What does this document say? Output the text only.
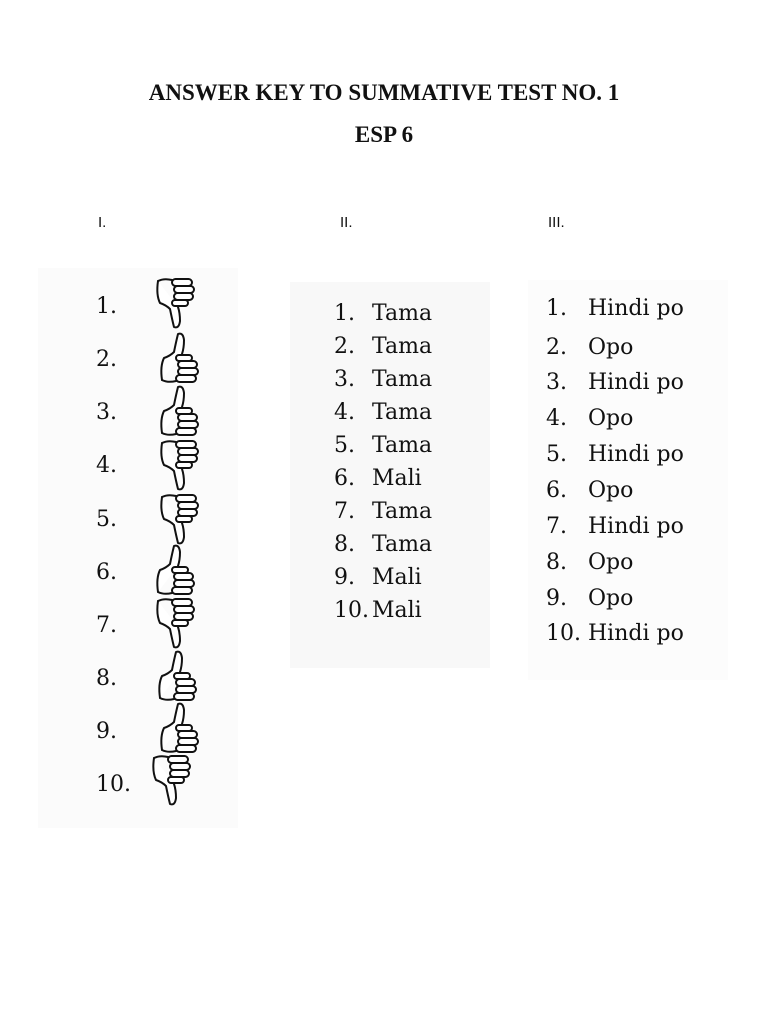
ANSWER KEY TO SUMMATIVE TEST NO. 1
ESP 6
I.	II.	III.
1.
2.
3.
4.
5.
6.
7.
8.
9.
10.
1. Tama
2. Tama
3. Tama
4. Tama
5. Tama
6. Mali
7. Tama
8. Tama
9. Mali
10. Mali
1. Hindi po
2. Opo
3. Hindi po
4. Opo
5. Hindi po
6. Opo
7. Hindi po
8. Opo
9. Opo
10. Hindi po
